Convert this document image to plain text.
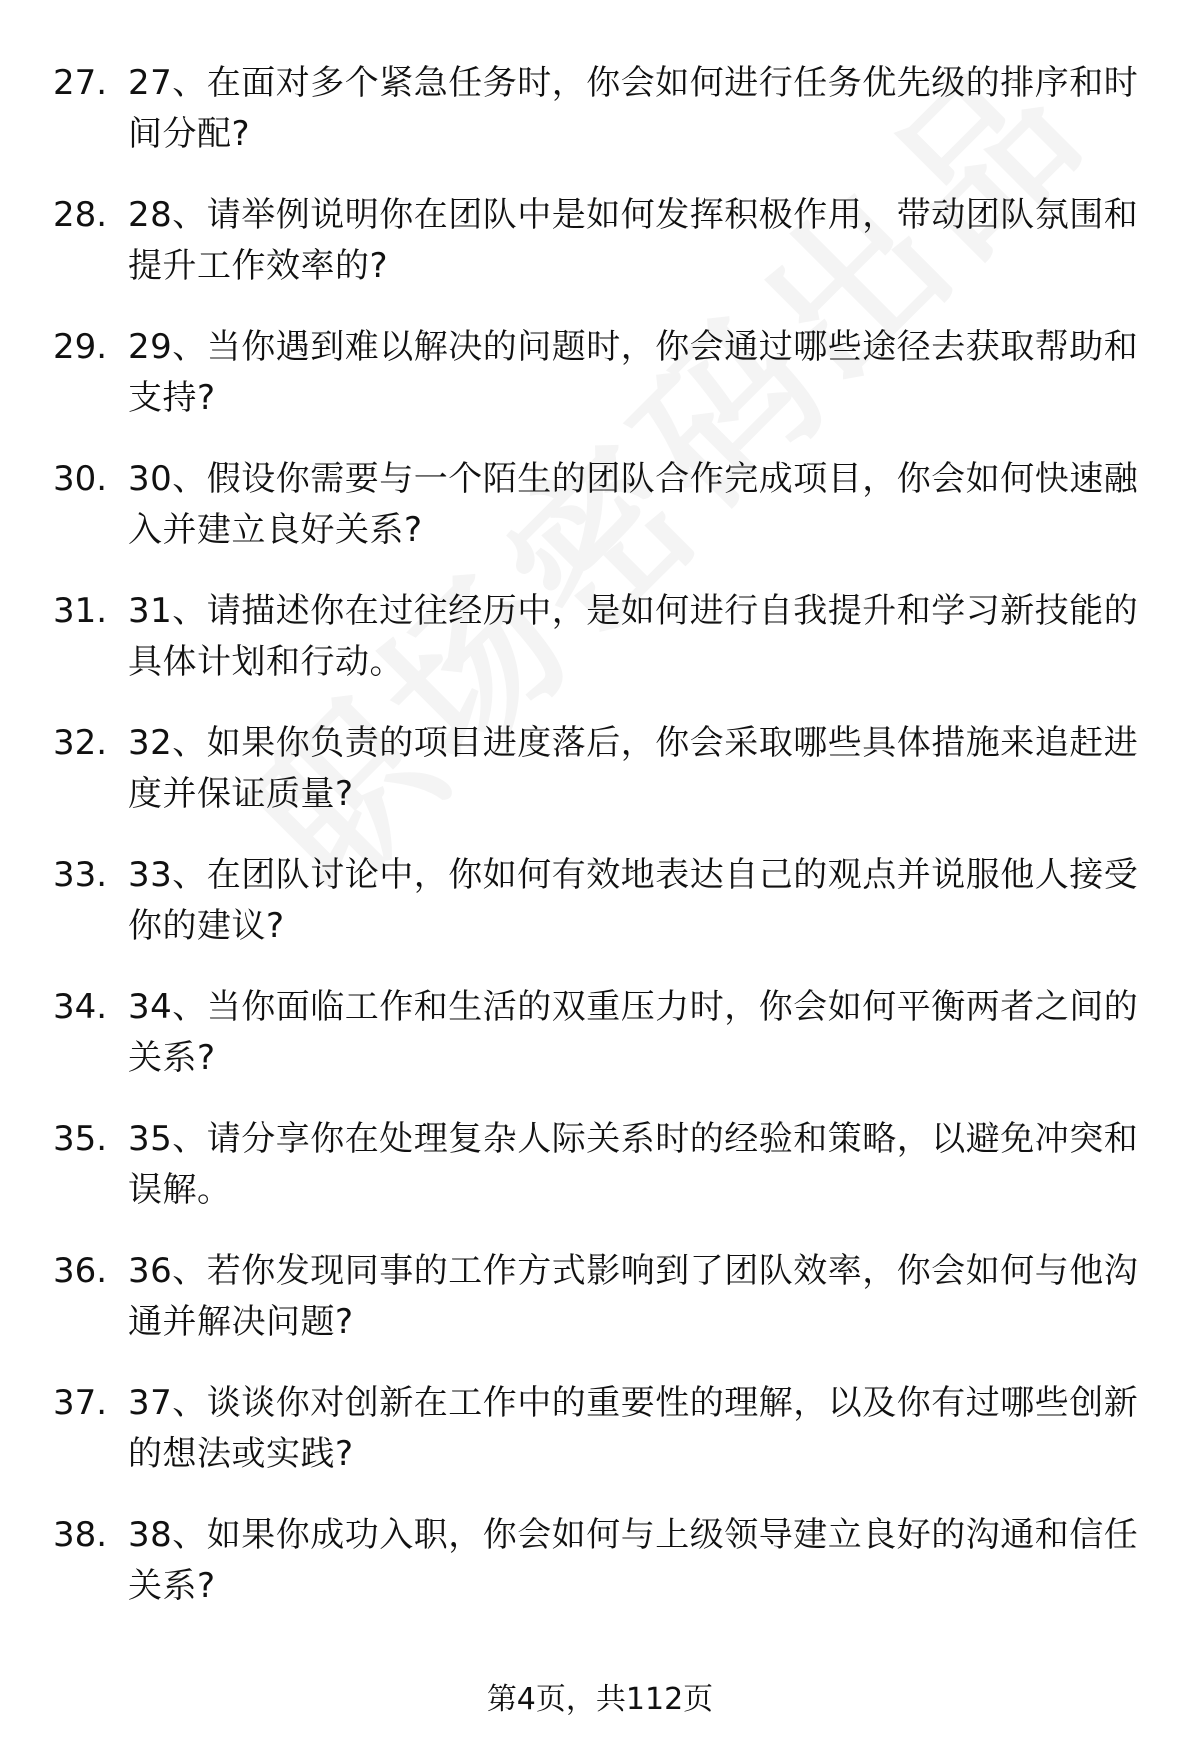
27. 27、在面对多个紧急任务时，你会如何进行任务优先级的排序和时间分配?
28. 28、请举例说明你在团队中是如何发挥积极作用，带动团队氛围和提升工作效率的?
29. 29、当你遇到难以解决的问题时，你会通过哪些途径去获取帮助和支持?
30. 30、假设你需要与一个陌生的团队合作完成项目，你会如何快速融入并建立良好关系?
31. 31、请描述你在过往经历中，是如何进行自我提升和学习新技能的具体计划和行动。
32. 32、如果你负责的项目进度落后，你会采取哪些具体措施来追赶进度并保证质量?
33. 33、在团队讨论中，你如何有效地表达自己的观点并说服他人接受你的建议?
34. 34、当你面临工作和生活的双重压力时，你会如何平衡两者之间的关系?
35. 35、请分享你在处理复杂人际关系时的经验和策略，以避免冲突和误解。
36. 36、若你发现同事的工作方式影响到了团队效率，你会如何与他沟通并解决问题?
37. 37、谈谈你对创新在工作中的重要性的理解，以及你有过哪些创新的想法或实践?
38. 38、如果你成功入职，你会如何与上级领导建立良好的沟通和信任关系?
第4页，共112页
